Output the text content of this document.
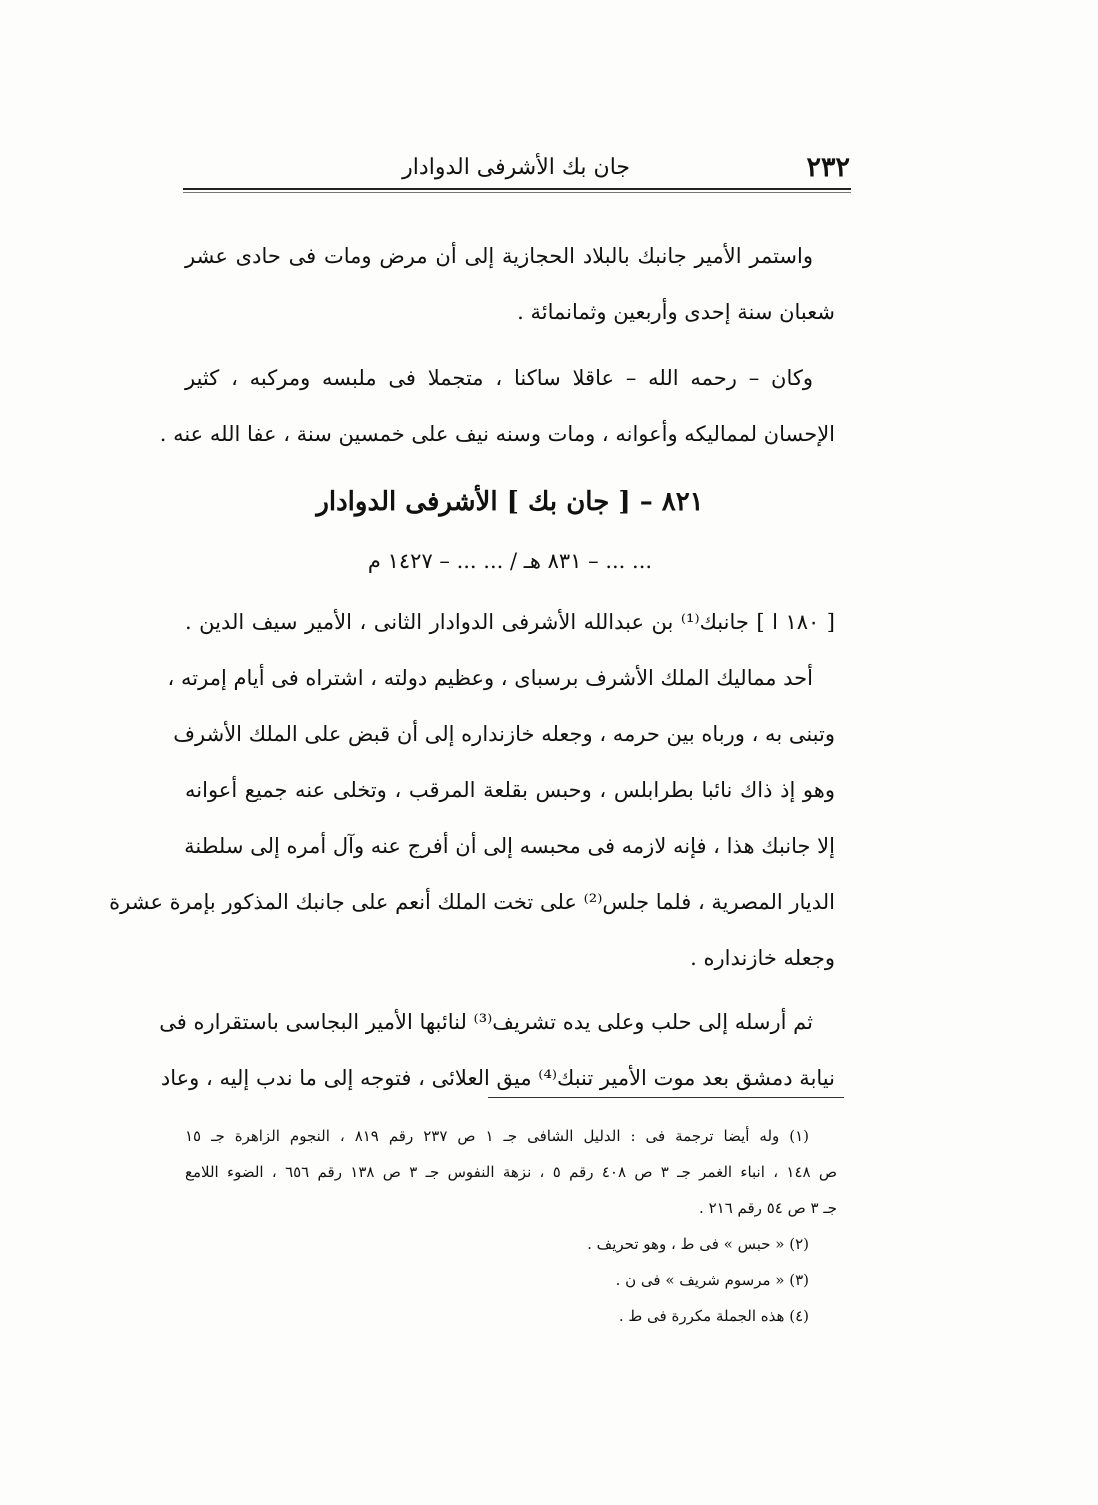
٢٣٢
جان بك الأشرفى الدوادار
واستمر الأمير جانبك بالبلاد الحجازية إلى أن مرض ومات فى حادى عشر
شعبان سنة إحدى وأربعين وثمانمائة .
وكان – رحمه الله – عاقلا ساكنا ، متجملا فى ملبسه ومركبه ، كثير
الإحسان لمماليكه وأعوانه ، ومات وسنه نيف على خمسين سنة ، عفا الله عنه .
٨٢١ – [ جان بك ] الأشرفى الدوادار
... ... – ٨٣١ هـ / ... ... – ١٤٢٧ م
[ ١٨٠ ا ] جانبك⁽¹⁾ بن عبدالله الأشرفى الدوادار الثانى ، الأمير سيف الدين .
أحد مماليك الملك الأشرف برسباى ، وعظيم دولته ، اشتراه فى أيام إمرته ،
وتبنى به ، ورباه بين حرمه ، وجعله خازنداره إلى أن قبض على الملك الأشرف
وهو إذ ذاك نائبا بطرابلس ، وحبس بقلعة المرقب ، وتخلى عنه جميع أعوانه
إلا جانبك هذا ، فإنه لازمه فى محبسه إلى أن أفرج عنه وآل أمره إلى سلطنة
الديار المصرية ، فلما جلس⁽²⁾ على تخت الملك أنعم على جانبك المذكور بإمرة عشرة
وجعله خازنداره .
ثم أرسله إلى حلب وعلى يده تشريف⁽³⁾ لنائبها الأمير البجاسى باستقراره فى
نيابة دمشق بعد موت الأمير تنبك⁽⁴⁾ ميق العلائى ، فتوجه إلى ما ندب إليه ، وعاد
(١) وله أيضا ترجمة فى : الدليل الشافى جـ ١ ص ٢٣٧ رقم ٨١٩ ، النجوم الزاهرة جـ ١٥
ص ١٤٨ ، انباء الغمر جـ ٣ ص ٤٠٨ رقم ٥ ، نزهة النفوس جـ ٣ ص ١٣٨ رقم ٦٥٦ ، الضوء اللامع
جـ ٣ ص ٥٤ رقم ٢١٦ .
(٢) « حبس » فى ط ، وهو تحريف .
(٣) « مرسوم شريف » فى ن .
(٤) هذه الجملة مكررة فى ط .
